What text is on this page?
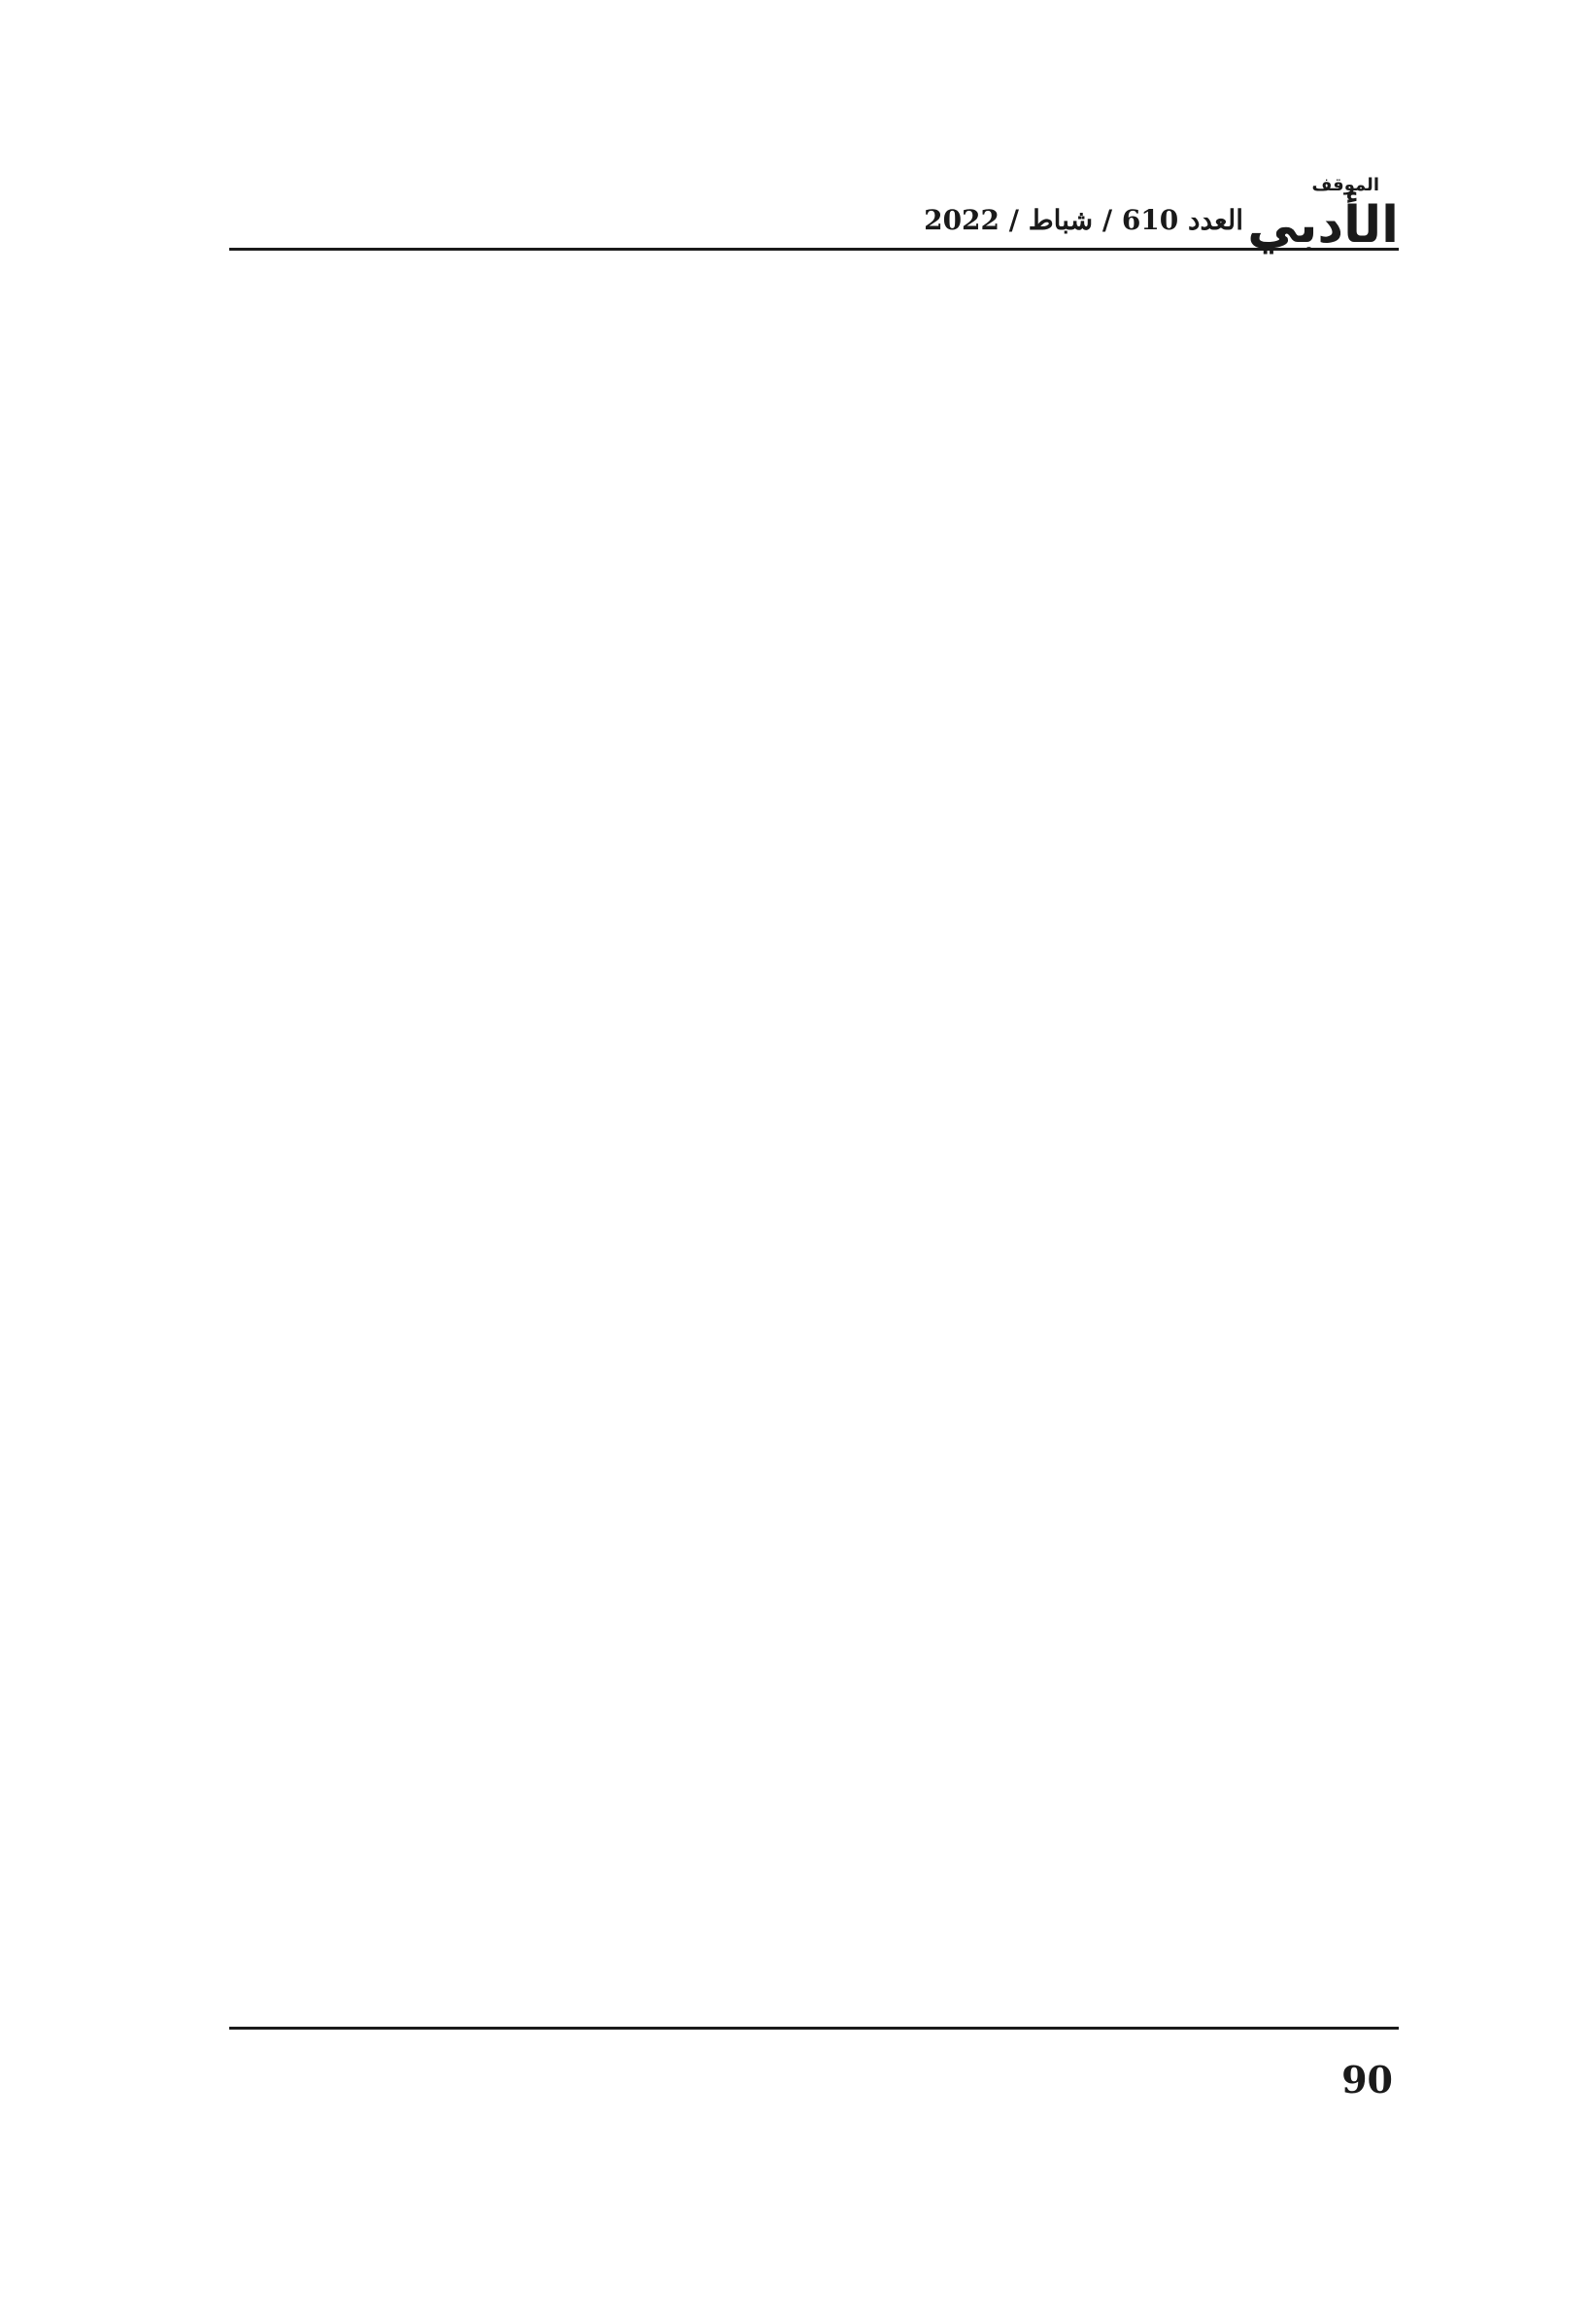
الموقف
الأدبي
العدد 610 / شباط / 2022
90
